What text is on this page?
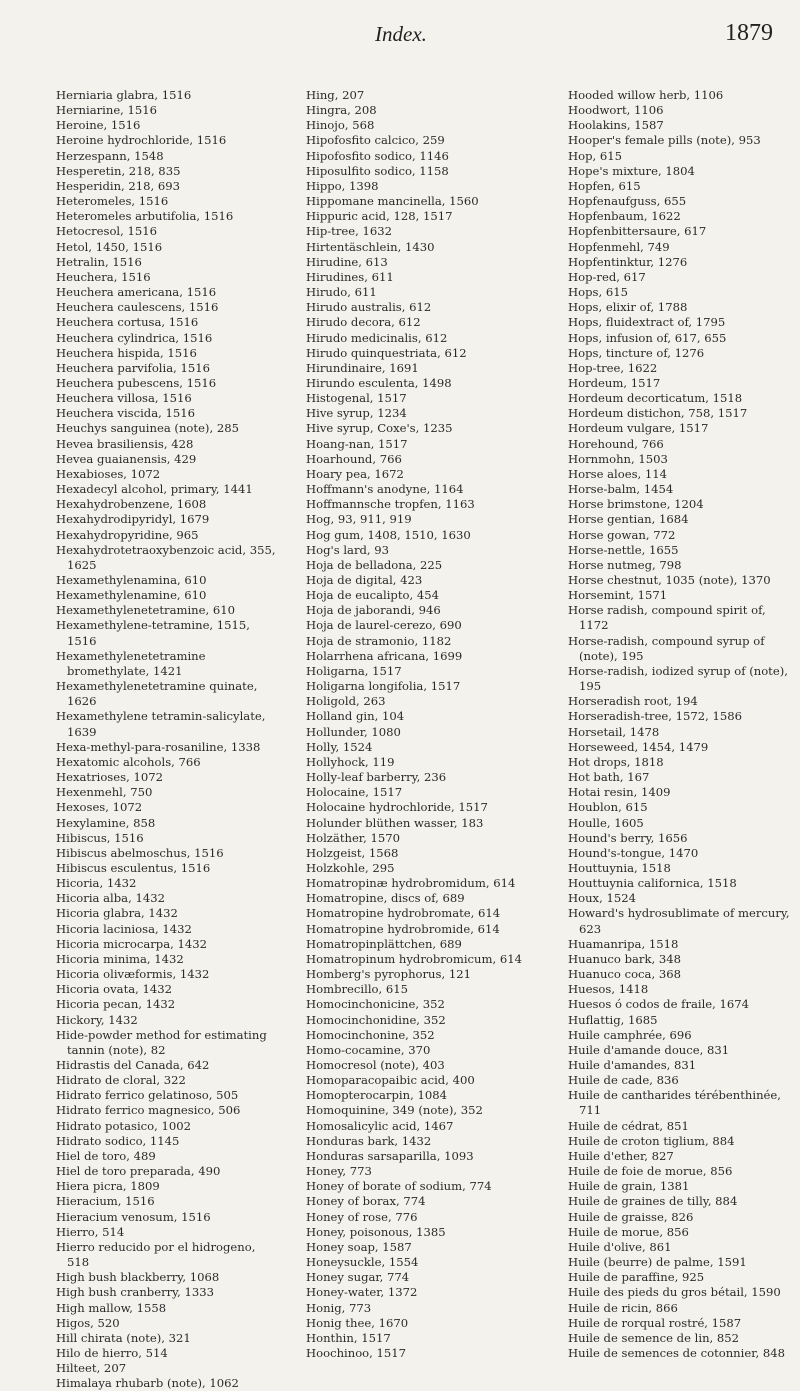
Index.	1879
Herniaria glabra, 1516
Herniarine, 1516
Heroine, 1516
Heroine hydrochloride, 1516
Herzespann, 1548
Hesperetin, 218, 835
Hesperidin, 218, 693
Heteromeles, 1516
Heteromeles arbutifolia, 1516
Hetocresol, 1516
Hetol, 1450, 1516
Hetralin, 1516
Heuchera, 1516
Heuchera americana, 1516
Heuchera caulescens, 1516
Heuchera cortusa, 1516
Heuchera cylindrica, 1516
Heuchera hispida, 1516
Heuchera parvifolia, 1516
Heuchera pubescens, 1516
Heuchera villosa, 1516
Heuchera viscida, 1516
Heuchys sanguinea (note), 285
Hevea brasiliensis, 428
Hevea guaianensis, 429
Hexabioses, 1072
Hexadecyl alcohol, primary, 1441
Hexahydrobenzene, 1608
Hexahydrodipyridyl, 1679
Hexahydropyridine, 965
Hexahydrotetraoxybenzoic acid, 355, 1625
Hexamethylenamina, 610
Hexamethylenamine, 610
Hexamethylenetetramine, 610
Hexamethylene-tetramine, 1515, 1516
Hexamethylenetetramine bromethylate, 1421
Hexamethylenetetramine quinate, 1626
Hexamethylene tetramin-salicylate, 1639
Hexa-methyl-para-rosaniline, 1338
Hexatomic alcohols, 766
Hexatrioses, 1072
Hexenmehl, 750
Hexoses, 1072
Hexylamine, 858
Hibiscus, 1516
Hibiscus abelmoschus, 1516
Hibiscus esculentus, 1516
Hicoria, 1432
Hicoria alba, 1432
Hicoria glabra, 1432
Hicoria laciniosa, 1432
Hicoria microcarpa, 1432
Hicoria minima, 1432
Hicoria olivæformis, 1432
Hicoria ovata, 1432
Hicoria pecan, 1432
Hickory, 1432
Hide-powder method for estimating tannin (note), 82
Hidrastis del Canada, 642
Hidrato de cloral, 322
Hidrato ferrico gelatinoso, 505
Hidrato ferrico magnesico, 506
Hidrato potasico, 1002
Hidrato sodico, 1145
Hiel de toro, 489
Hiel de toro preparada, 490
Hiera picra, 1809
Hieracium, 1516
Hieracium venosum, 1516
Hierro, 514
Hierro reducido por el hidrogeno, 518
High bush blackberry, 1068
High bush cranberry, 1333
High mallow, 1558
Higos, 520
Hill chirata (note), 321
Hilo de hierro, 514
Hilteet, 207
Himalaya rhubarb (note), 1062
Hing, 207
Hingra, 208
Hinojo, 568
Hipofosfito calcico, 259
Hipofosfito sodico, 1146
Hiposulfito sodico, 1158
Hippo, 1398
Hippomane mancinella, 1560
Hippuric acid, 128, 1517
Hip-tree, 1632
Hirtentäschlein, 1430
Hirudine, 613
Hirudines, 611
Hirudo, 611
Hirudo australis, 612
Hirudo decora, 612
Hirudo medicinalis, 612
Hirudo quinquestriata, 612
Hirundinaire, 1691
Hirundo esculenta, 1498
Histogenal, 1517
Hive syrup, 1234
Hive syrup, Coxe's, 1235
Hoang-nan, 1517
Hoarhound, 766
Hoary pea, 1672
Hoffmann's anodyne, 1164
Hoffmannsche tropfen, 1163
Hog, 93, 911, 919
Hog gum, 1408, 1510, 1630
Hog's lard, 93
Hoja de belladona, 225
Hoja de digital, 423
Hoja de eucalipto, 454
Hoja de jaborandi, 946
Hoja de laurel-cerezo, 690
Hoja de stramonio, 1182
Holarrhena africana, 1699
Holigarna, 1517
Holigarna longifolia, 1517
Holigold, 263
Holland gin, 104
Hollunder, 1080
Holly, 1524
Hollyhock, 119
Holly-leaf barberry, 236
Holocaine, 1517
Holocaine hydrochloride, 1517
Holunder blüthen wasser, 183
Holzäther, 1570
Holzgeist, 1568
Holzkohle, 295
Homatropinæ hydrobromidum, 614
Homatropine, discs of, 689
Homatropine hydrobromate, 614
Homatropine hydrobromide, 614
Homatropinplättchen, 689
Homatropinum hydrobromicum, 614
Homberg's pyrophorus, 121
Hombrecillo, 615
Homocinchonicine, 352
Homocinchonidine, 352
Homocinchonine, 352
Homo-cocamine, 370
Homocresol (note), 403
Homoparacopaibic acid, 400
Homopterocarpin, 1084
Homoquinine, 349 (note), 352
Homosalicylic acid, 1467
Honduras bark, 1432
Honduras sarsaparilla, 1093
Honey, 773
Honey of borate of sodium, 774
Honey of borax, 774
Honey of rose, 776
Honey, poisonous, 1385
Honey soap, 1587
Honeysuckle, 1554
Honey sugar, 774
Honey-water, 1372
Honig, 773
Honig thee, 1670
Honthin, 1517
Hoochinoo, 1517
Hooded willow herb, 1106
Hoodwort, 1106
Hoolakins, 1587
Hooper's female pills (note), 953
Hop, 615
Hope's mixture, 1804
Hopfen, 615
Hopfenaufguss, 655
Hopfenbaum, 1622
Hopfenbittersaure, 617
Hopfenmehl, 749
Hopfentinktur, 1276
Hop-red, 617
Hops, 615
Hops, elixir of, 1788
Hops, fluidextract of, 1795
Hops, infusion of, 617, 655
Hops, tincture of, 1276
Hop-tree, 1622
Hordeum, 1517
Hordeum decorticatum, 1518
Hordeum distichon, 758, 1517
Hordeum vulgare, 1517
Horehound, 766
Hornmohn, 1503
Horse aloes, 114
Horse-balm, 1454
Horse brimstone, 1204
Horse gentian, 1684
Horse gowan, 772
Horse-nettle, 1655
Horse nutmeg, 798
Horse chestnut, 1035 (note), 1370
Horsemint, 1571
Horse radish, compound spirit of, 1172
Horse-radish, compound syrup of (note), 195
Horse-radish, iodized syrup of (note), 195
Horseradish root, 194
Horseradish-tree, 1572, 1586
Horsetail, 1478
Horseweed, 1454, 1479
Hot drops, 1818
Hot bath, 167
Hotai resin, 1409
Houblon, 615
Houlle, 1605
Hound's berry, 1656
Hound's-tongue, 1470
Houttuynia, 1518
Houttuynia californica, 1518
Houx, 1524
Howard's hydrosublimate of mercury, 623
Huamanripa, 1518
Huanuco bark, 348
Huanuco coca, 368
Huesos, 1418
Huesos ó codos de fraile, 1674
Huflattig, 1685
Huile camphrée, 696
Huile d'amande douce, 831
Huile d'amandes, 831
Huile de cade, 836
Huile de cantharides térébenthinée, 711
Huile de cédrat, 851
Huile de croton tiglium, 884
Huile d'ether, 827
Huile de foie de morue, 856
Huile de grain, 1381
Huile de graines de tilly, 884
Huile de graisse, 826
Huile de morue, 856
Huile d'olive, 861
Huile (beurre) de palme, 1591
Huile de paraffine, 925
Huile des pieds du gros bétail, 1590
Huile de ricin, 866
Huile de rorqual rostré, 1587
Huile de semence de lin, 852
Huile de semences de cotonnier, 848
